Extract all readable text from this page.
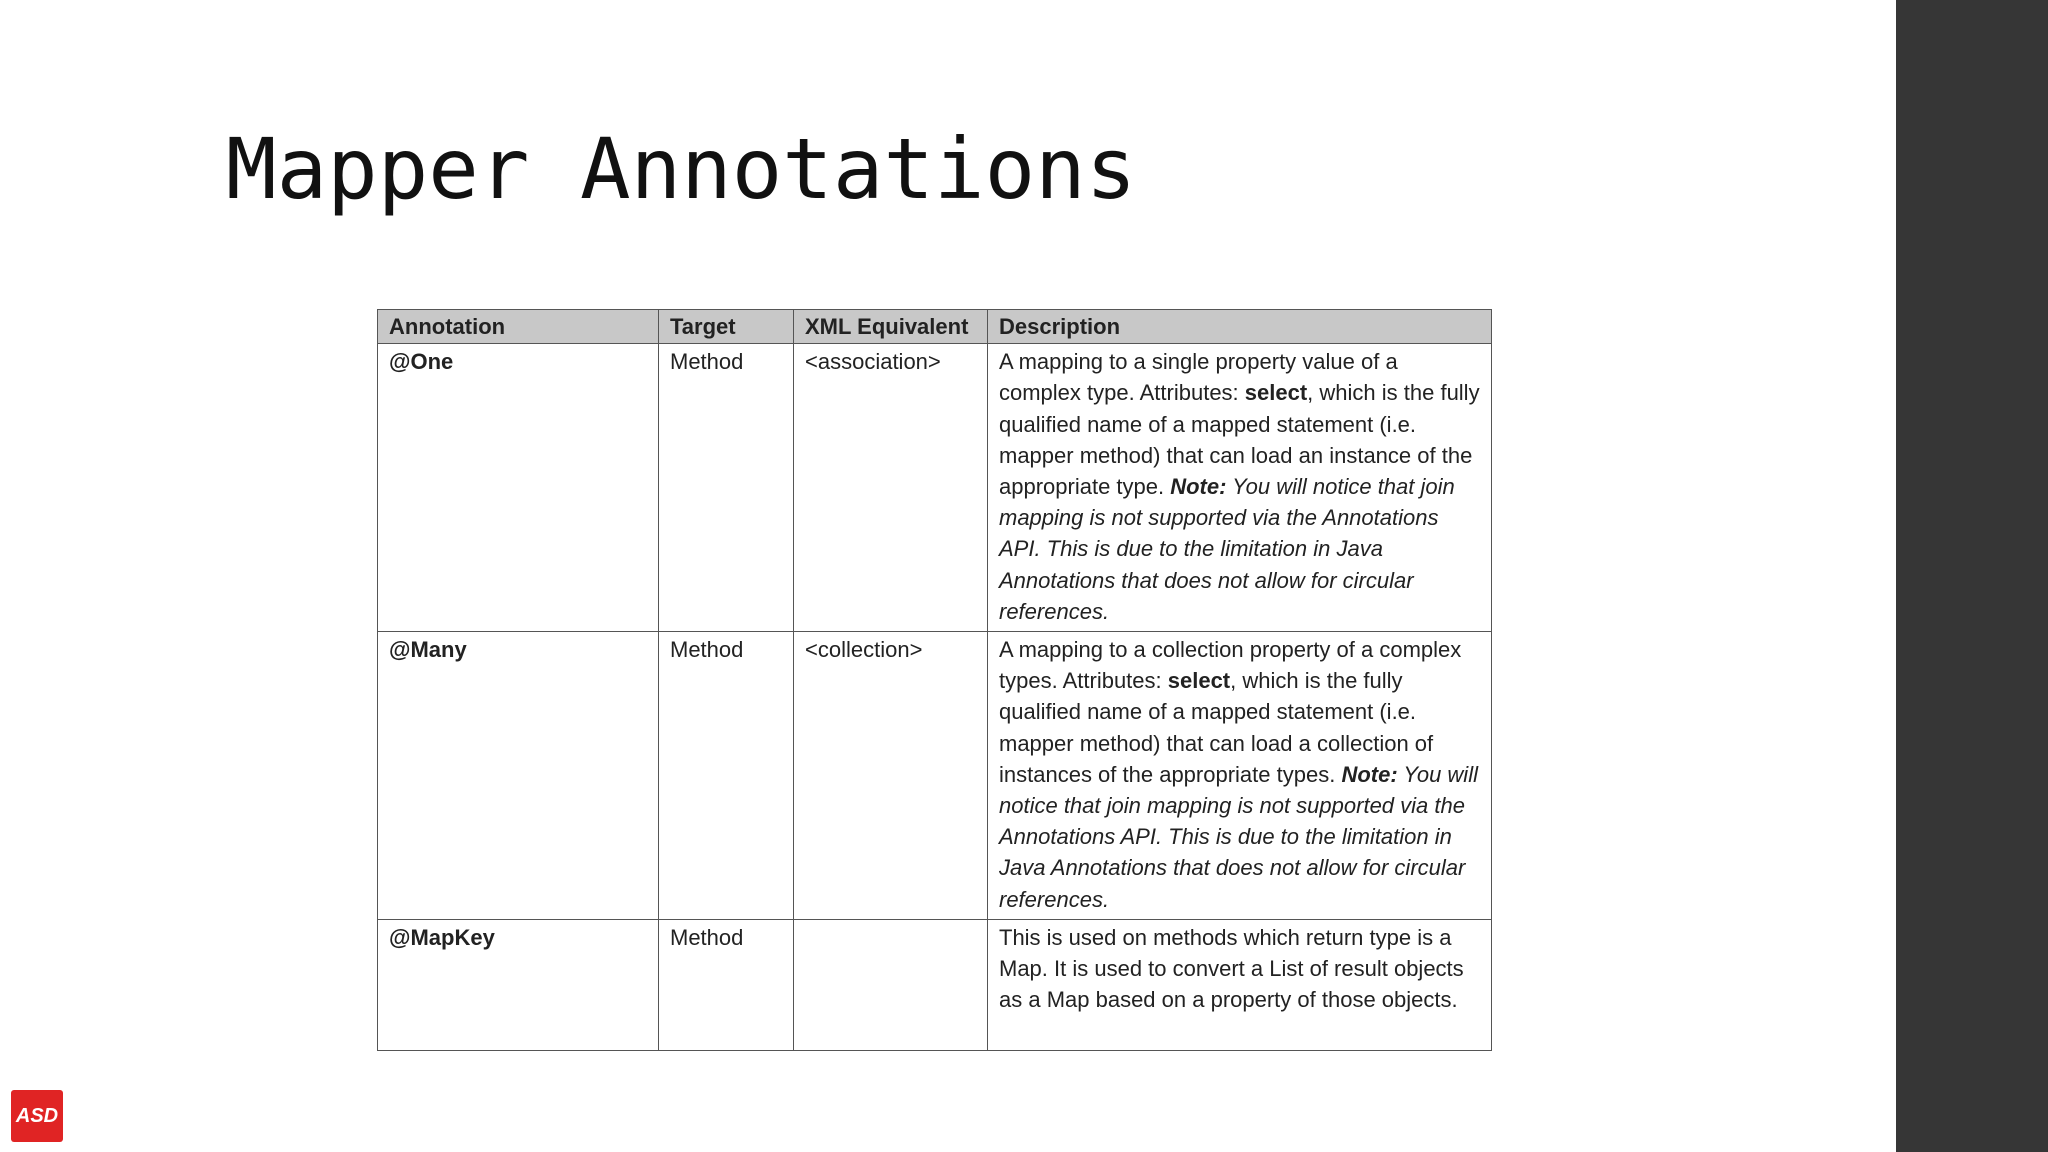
Mapper Annotations
Annotation	Target	XML Equivalent	Description
@One	Method	<association>	A mapping to a single property value of a complex type. Attributes: select, which is the fully qualified name of a mapped statement (i.e. mapper method) that can load an instance of the appropriate type. Note: You will notice that join mapping is not supported via the Annotations API. This is due to the limitation in Java Annotations that does not allow for circular references.
@Many	Method	<collection>	A mapping to a collection property of a complex types. Attributes: select, which is the fully qualified name of a mapped statement (i.e. mapper method) that can load a collection of instances of the appropriate types. Note: You will notice that join mapping is not supported via the Annotations API. This is due to the limitation in Java Annotations that does not allow for circular references.
@MapKey	Method		This is used on methods which return type is a Map. It is used to convert a List of result objects as a Map based on a property of those objects.
ASD
